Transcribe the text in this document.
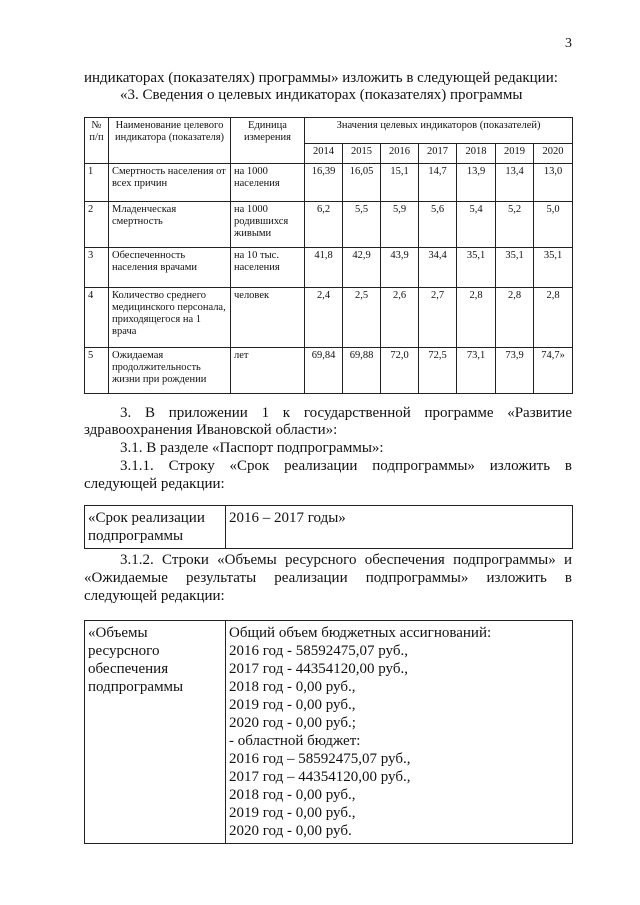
3
индикаторах (показателях) программы» изложить в следующей редакции:
«3. Сведения о целевых индикаторах (показателях) программы
№ п/п	Наименование целевого индикатора (показателя)	Единица измерения	Значения целевых индикаторов (показателей)						
			2014	2015	2016	2017	2018	2019	2020
1	Смертность населения от всех причин	на 1000 населения	16,39	16,05	15,1	14,7	13,9	13,4	13,0
2	Младенческая смертность	на 1000 родившихся живыми	6,2	5,5	5,9	5,6	5,4	5,2	5,0
3	Обеспеченность населения врачами	на 10 тыс. населения	41,8	42,9	43,9	34,4	35,1	35,1	35,1
4	Количество среднего медицинского персонала, приходящегося на 1 врача	человек	2,4	2,5	2,6	2,7	2,8	2,8	2,8
5	Ожидаемая продолжительность жизни при рождении	лет	69,84	69,88	72,0	72,5	73,1	73,9	74,7»
3. В приложении 1 к государственной программе «Развитие
здравоохранения Ивановской области»:
3.1. В разделе «Паспорт подпрограммы»:
3.1.1. Строку «Срок реализации подпрограммы» изложить в
следующей редакции:
«Срок реализации
подпрограммы
	2016 – 2017 годы»
3.1.2. Строки «Объемы ресурсного обеспечения подпрограммы» и
«Ожидаемые результаты реализации подпрограммы» изложить в
следующей редакции:
«Объемы
ресурсного
обеспечения
подпрограммы

Общий объем бюджетных ассигнований:
2016 год - 58592475,07 руб.,
2017 год - 44354120,00 руб.,
2018 год - 0,00 руб.,
2019 год - 0,00 руб.,
2020 год - 0,00 руб.;
- областной бюджет:
2016 год – 58592475,07 руб.,
2017 год – 44354120,00 руб.,
2018 год - 0,00 руб.,
2019 год - 0,00 руб.,
2020 год - 0,00 руб.
